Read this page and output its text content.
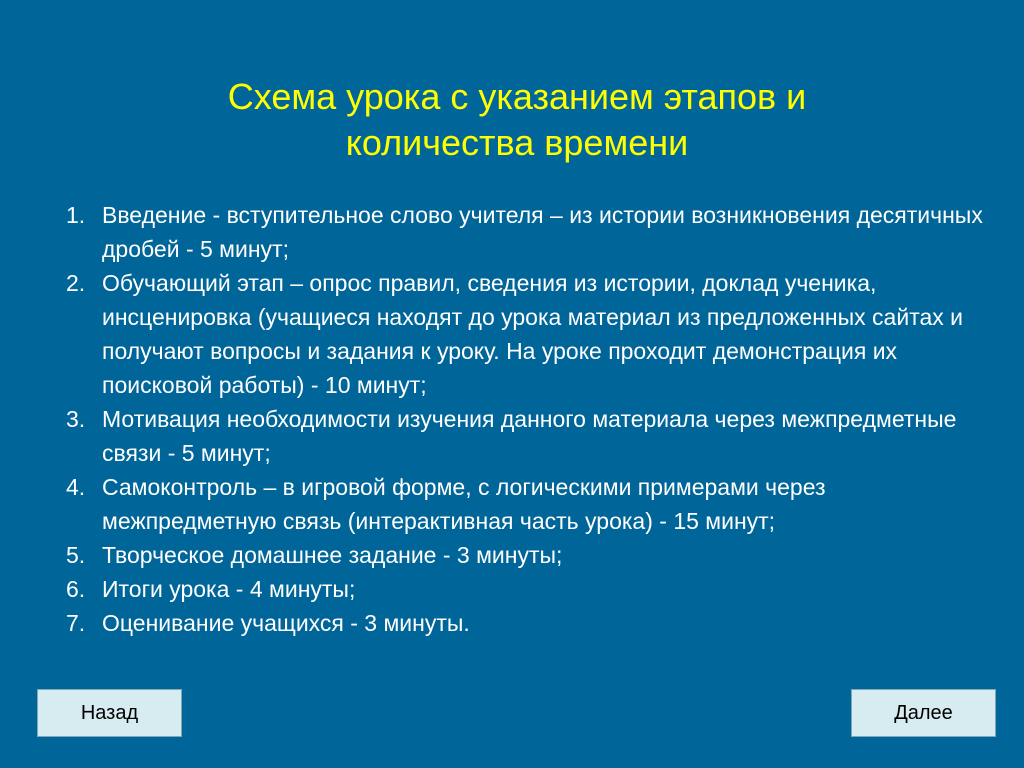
Схема урока с указанием этапов и
количества времени
1. Введение - вступительное слово учителя – из истории возникновения десятичных дробей - 5 минут;
2. Обучающий этап – опрос правил, сведения из истории, доклад ученика, инсценировка (учащиеся находят до урока материал из предложенных сайтах и получают вопросы и задания к уроку. На уроке проходит демонстрация их поисковой работы) - 10 минут;
3. Мотивация необходимости изучения данного материала через межпредметные связи - 5 минут;
4. Самоконтроль – в игровой форме, с логическими примерами через межпредметную связь (интерактивная часть урока) - 15 минут;
5. Творческое домашнее задание - 3 минуты;
6. Итоги урока - 4 минуты;
7. Оценивание учащихся - 3 минуты.
Назад	Далее
